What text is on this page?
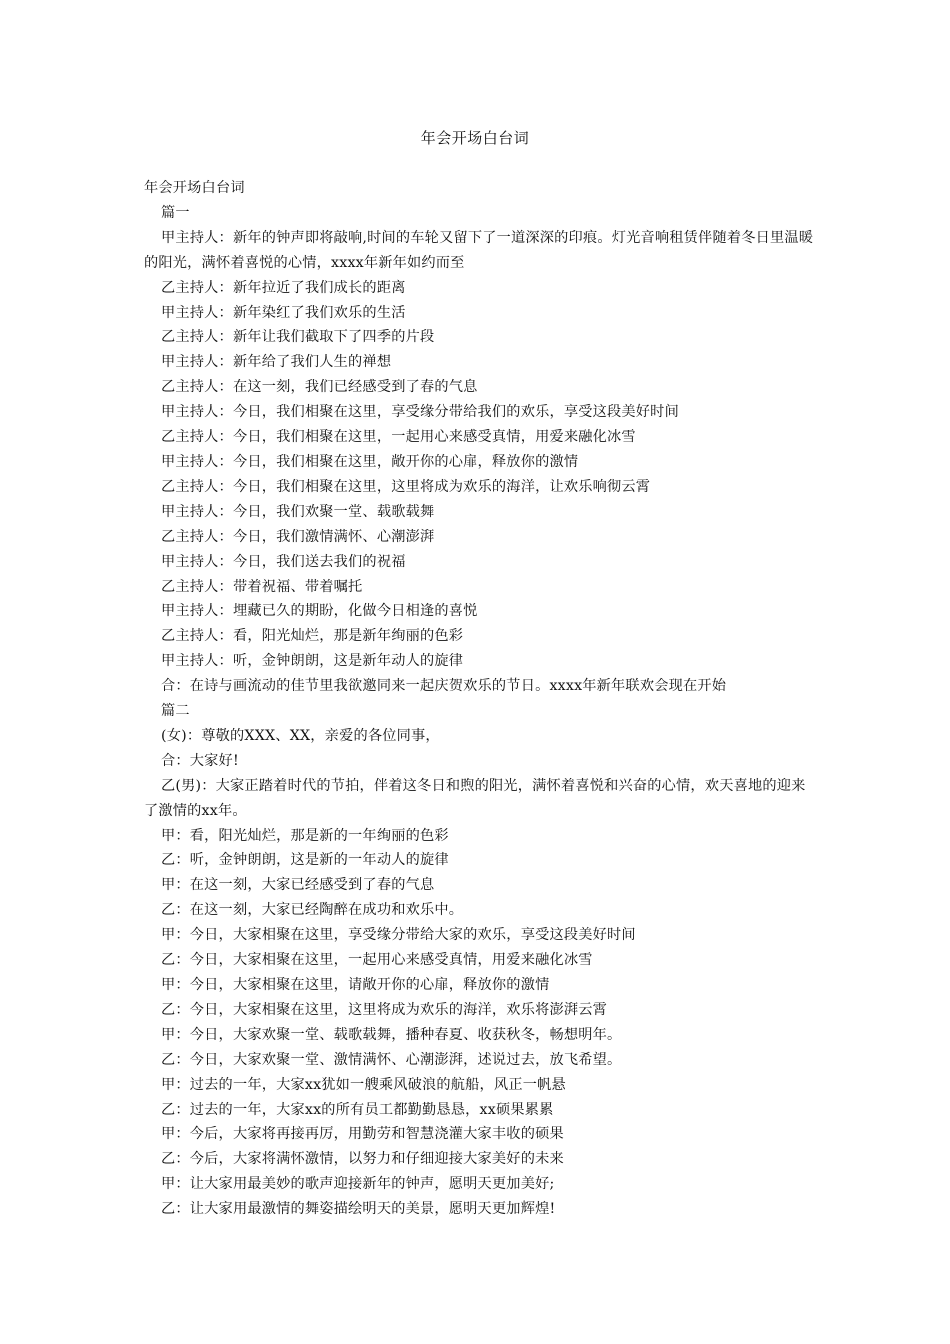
年会开场白台词

年会开场白台词

篇一

甲主持人：新年的钟声即将敲响,时间的车轮又留下了一道深深的印痕。灯光音响租赁伴随着冬日里温暖的阳光，满怀着喜悦的心情，xxxx年新年如约而至

乙主持人：新年拉近了我们成长的距离

甲主持人：新年染红了我们欢乐的生活

乙主持人：新年让我们截取下了四季的片段

甲主持人：新年给了我们人生的禅想

乙主持人：在这一刻，我们已经感受到了春的气息

甲主持人：今日，我们相聚在这里，享受缘分带给我们的欢乐，享受这段美好时间

乙主持人：今日，我们相聚在这里，一起用心来感受真情，用爱来融化冰雪

甲主持人：今日，我们相聚在这里，敞开你的心扉，释放你的激情

乙主持人：今日，我们相聚在这里，这里将成为欢乐的海洋，让欢乐响彻云霄

甲主持人：今日，我们欢聚一堂、载歌载舞

乙主持人：今日，我们激情满怀、心潮澎湃

甲主持人：今日，我们送去我们的祝福

乙主持人：带着祝福、带着嘱托

甲主持人：埋藏已久的期盼，化做今日相逢的喜悦

乙主持人：看，阳光灿烂，那是新年绚丽的色彩

甲主持人：听，金钟朗朗，这是新年动人的旋律

合：在诗与画流动的佳节里我欲邀同来一起庆贺欢乐的节日。xxxx年新年联欢会现在开始

篇二

(女)：尊敬的XXX、XX，亲爱的各位同事，

合：大家好!

乙(男)：大家正踏着时代的节拍，伴着这冬日和煦的阳光，满怀着喜悦和兴奋的心情，欢天喜地的迎来了激情的xx年。

甲：看，阳光灿烂，那是新的一年绚丽的色彩

乙：听，金钟朗朗，这是新的一年动人的旋律

甲：在这一刻，大家已经感受到了春的气息

乙：在这一刻，大家已经陶醉在成功和欢乐中。

甲：今日，大家相聚在这里，享受缘分带给大家的欢乐，享受这段美好时间

乙：今日，大家相聚在这里，一起用心来感受真情，用爱来融化冰雪

甲：今日，大家相聚在这里，请敞开你的心扉，释放你的激情

乙：今日，大家相聚在这里，这里将成为欢乐的海洋，欢乐将澎湃云霄

甲：今日，大家欢聚一堂、载歌载舞，播种春夏、收获秋冬，畅想明年。

乙：今日，大家欢聚一堂、激情满怀、心潮澎湃，述说过去，放飞希望。

甲：过去的一年，大家xx犹如一艘乘风破浪的航船，风正一帆悬

乙：过去的一年，大家xx的所有员工都勤勤恳恳，xx硕果累累

甲：今后，大家将再接再厉，用勤劳和智慧浇灌大家丰收的硕果

乙：今后，大家将满怀激情，以努力和仔细迎接大家美好的未来

甲：让大家用最美妙的歌声迎接新年的钟声，愿明天更加美好;

乙：让大家用最激情的舞姿描绘明天的美景，愿明天更加辉煌!
